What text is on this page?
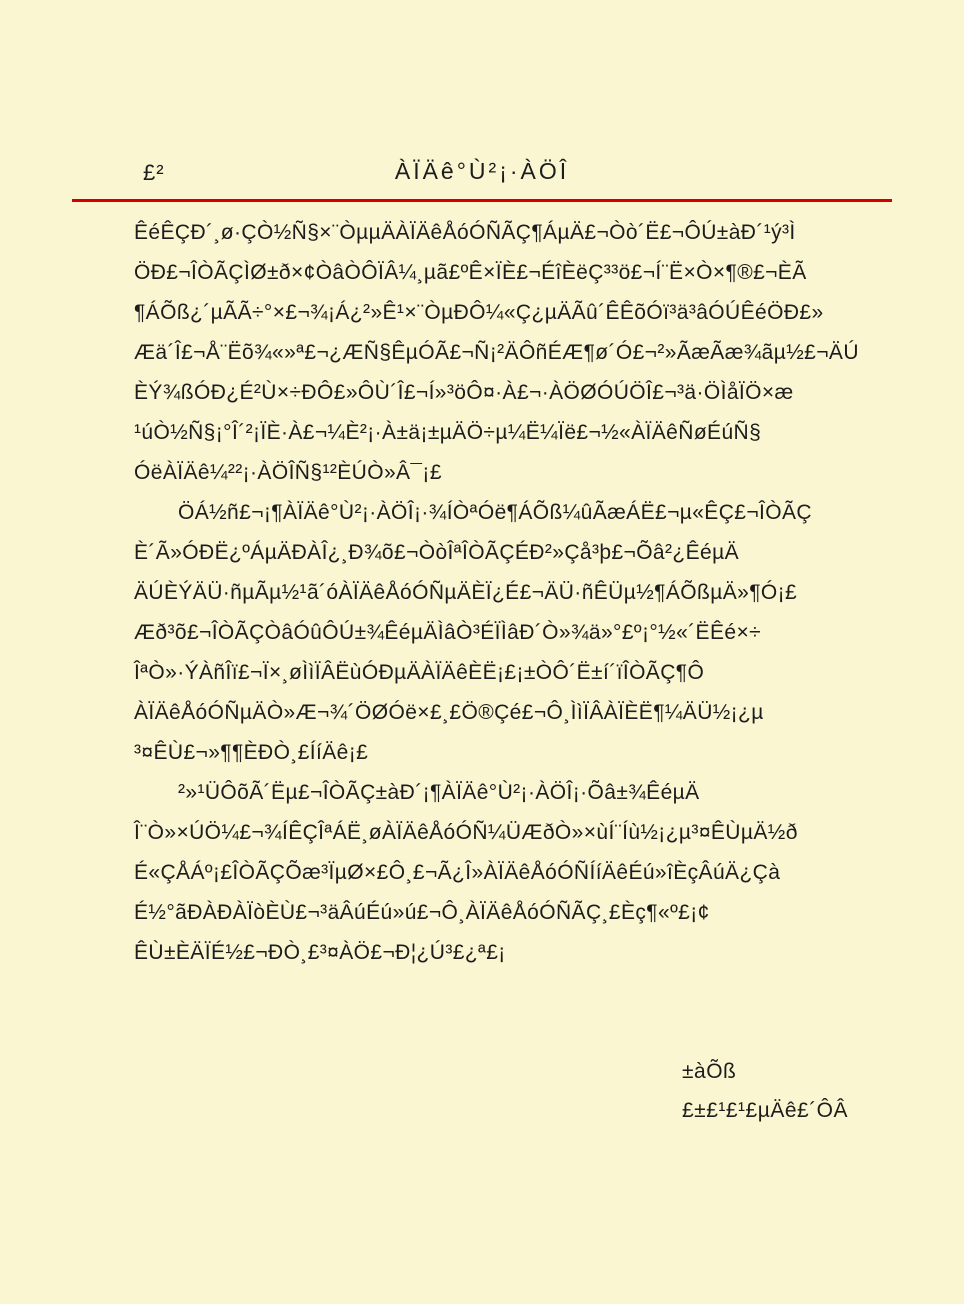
£²	ÀÏÄê°Ù²¡·ÀÖÎ
ÊéÊÇÐ´¸ø·ÇÒ½Ñ§×¨ÒµµÄÀÏÄêÅóÓÑÃÇ¶ÁµÄ£¬Òò´Ë£¬ÔÚ±àÐ´¹ý³Ì
ÖÐ£¬ÎÒÃÇÌØ±ð×¢ÒâÒÔÏÂ¼¸µã£ºÊ×ÏÈ£¬ÉîÈëÇ³³ö£¬Í¨Ë×Ò×¶®£¬ÈÃ
¶ÁÕß¿´µÃÃ÷°×£¬¾¡Á¿²»Ê¹×¨ÒµÐÔ¼«Ç¿µÄÃû´ÊÊõÓï³ä³âÓÚÊéÖÐ£»
Æä´Î£¬Å¨Ëõ¾«»ª£¬¿ÆÑ§ÊµÓÃ£¬Ñ¡²ÄÔñÉÆ¶ø´Ó£¬²»ÃæÃæ¾ãµ½£¬ÄÚ
ÈÝ¾ßÓÐ¿É²Ù×÷ÐÔ£»ÔÙ´Î£¬Í»³öÔ¤·À£¬·ÀÖØÓÚÖÎ£¬³ä·ÖÌåÏÖ×æ
¹úÒ½Ñ§¡°Î´²¡ÏÈ·À£¬¼È²¡·À±ä¡±µÄÖ÷µ¼Ë¼Ïë£¬½«ÀÏÄêÑøÉúÑ§
ÓëÀÏÄê¼²²¡·ÀÖÎÑ§¹²ÈÚÒ»Â¯¡£
ÖÁ½ñ£¬¡¶ÀÏÄê°Ù²¡·ÀÖÎ¡·¾ÍÒªÓë¶ÁÕß¼ûÃæÁË£¬µ«ÊÇ£¬ÎÒÃÇ
È´Ã»ÓÐË¿ºÁµÄÐÀÎ¿¸Ð¾õ£¬ÒòÎªÎÒÃÇÉÐ²»Çå³þ£¬Õâ²¿ÊéµÄ
ÄÚÈÝÄÜ·ñµÃµ½¹ã´óÀÏÄêÅóÓÑµÄÈÏ¿É£¬ÄÜ·ñÊÜµ½¶ÁÕßµÄ»¶Ó¡£
Æð³õ£¬ÎÒÃÇÒâÓûÔÚ±¾ÊéµÄÌâÒ³ÉÏÌâÐ´Ò»¾ä»°£º¡°½«´ËÊé×÷
ÎªÒ»·ÝÀñÎï£¬Ï×¸øÌìÏÂËùÓÐµÄÀÏÄêÈË¡£¡±ÒÔ´Ë±í´ïÎÒÃÇ¶Ô
ÀÏÄêÅóÓÑµÄÒ»Æ¬¾´ÖØÓë×£¸£Ö®Çé£¬Ô¸ÌìÏÂÀÏÈË¶¼ÄÜ½¡¿µ
³¤ÊÙ£¬»¶¶ÈÐÒ¸£ÍíÄê¡£
²»¹ÜÔõÃ´Ëµ£¬ÎÒÃÇ±àÐ´¡¶ÀÏÄê°Ù²¡·ÀÖÎ¡·Õâ±¾ÊéµÄ
Î¨Ò»×ÚÖ¼£¬¾ÍÊÇÎªÁË¸øÀÏÄêÅóÓÑ¼ÜÆðÒ»×ùÍ¨Íù½¡¿µ³¤ÊÙµÄ½ð
É«ÇÅÁº¡£ÎÒÃÇÕæ³ÏµØ×£Ô¸£¬Ã¿Î»ÀÏÄêÅóÓÑÍíÄêÉú»îÈçÂúÄ¿Çà
É½°ãÐÀÐÀÏòÈÙ£¬³äÂúÉú»ú£¬Ô¸ÀÏÄêÅóÓÑÃÇ¸£Èç¶«º£¡¢
ÊÙ±ÈÄÏÉ½£¬ÐÒ¸£³¤ÀÖ£¬Ð¦¿Ú³£¿ª£¡
±àÕß
£±£¹£¹£µÄê£´ÔÂ
